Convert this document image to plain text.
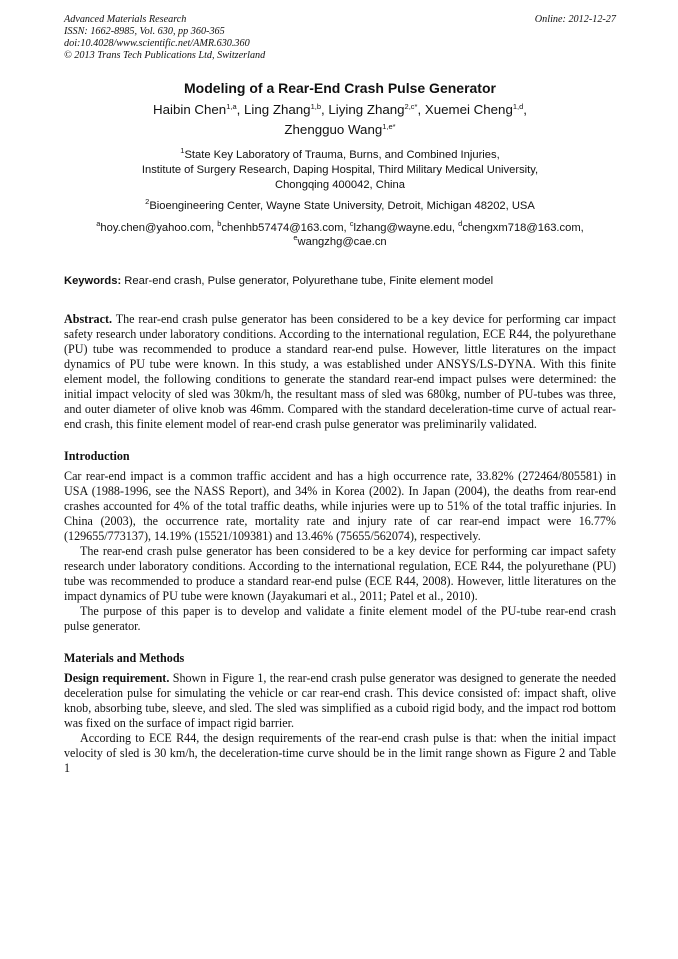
Advanced Materials Research
ISSN: 1662-8985, Vol. 630, pp 360-365
doi:10.4028/www.scientific.net/AMR.630.360
© 2013 Trans Tech Publications Ltd, Switzerland
Online: 2012-12-27
Modeling of a Rear-End Crash Pulse Generator
Haibin Chen$^{1,a}$, Ling Zhang$^{1,b}$, Liying Zhang$^{2,c*}$, Xuemei Cheng$^{1,d}$,
Zhengguo Wang$^{1,e*}$
$^1$State Key Laboratory of Trauma, Burns, and Combined Injuries,
Institute of Surgery Research, Daping Hospital, Third Military Medical University,
Chongqing 400042, China
$^2$Bioengineering Center, Wayne State University, Detroit, Michigan 48202, USA
$^a$hoy.chen@yahoo.com, $^b$chenhb57474@163.com, $^c$lzhang@wayne.edu, $^d$chengxm718@163.com,
$^e$wangzhg@cae.cn
Keywords: Rear-end crash, Pulse generator, Polyurethane tube, Finite element model
Abstract. The rear-end crash pulse generator has been considered to be a key device for performing car impact safety research under laboratory conditions. According to the international regulation, ECE R44, the polyurethane (PU) tube was recommended to produce a standard rear-end pulse. However, little literatures on the impact dynamics of PU tube were known. In this study, a was established under ANSYS/LS-DYNA. With this finite element model, the following conditions to generate the standard rear-end impact pulses were determined: the initial impact velocity of sled was 30km/h, the resultant mass of sled was 680kg, number of PU-tubes was three, and outer diameter of olive knob was 46mm. Compared with the standard deceleration-time curve of actual rear-end crash, this finite element model of rear-end crash pulse generator was preliminarily validated.
Introduction
Car rear-end impact is a common traffic accident and has a high occurrence rate, 33.82% (272464/805581) in USA (1988-1996, see the NASS Report), and 34% in Korea (2002). In Japan (2004), the deaths from rear-end crashes accounted for 4% of the total traffic deaths, while injuries were up to 51% of the total traffic injuries. In China (2003), the occurrence rate, mortality rate and injury rate of car rear-end impact were 16.77% (129655/773137), 14.19% (15521/109381) and 13.46% (75655/562074), respectively.
The rear-end crash pulse generator has been considered to be a key device for performing car impact safety research under laboratory conditions. According to the international regulation, ECE R44, the polyurethane (PU) tube was recommended to produce a standard rear-end pulse (ECE R44, 2008). However, little literatures on the impact dynamics of PU tube were known (Jayakumari et al., 2011; Patel et al., 2010).
The purpose of this paper is to develop and validate a finite element model of the PU-tube rear-end crash pulse generator.
Materials and Methods
Design requirement. Shown in Figure 1, the rear-end crash pulse generator was designed to generate the needed deceleration pulse for simulating the vehicle or car rear-end crash. This device consisted of: impact shaft, olive knob, absorbing tube, sleeve, and sled. The sled was simplified as a cuboid rigid body, and the impact rod bottom was fixed on the surface of impact rigid barrier.
According to ECE R44, the design requirements of the rear-end crash pulse is that: when the initial impact velocity of sled is 30 km/h, the deceleration-time curve should be in the limit range shown as Figure 2 and Table 1
